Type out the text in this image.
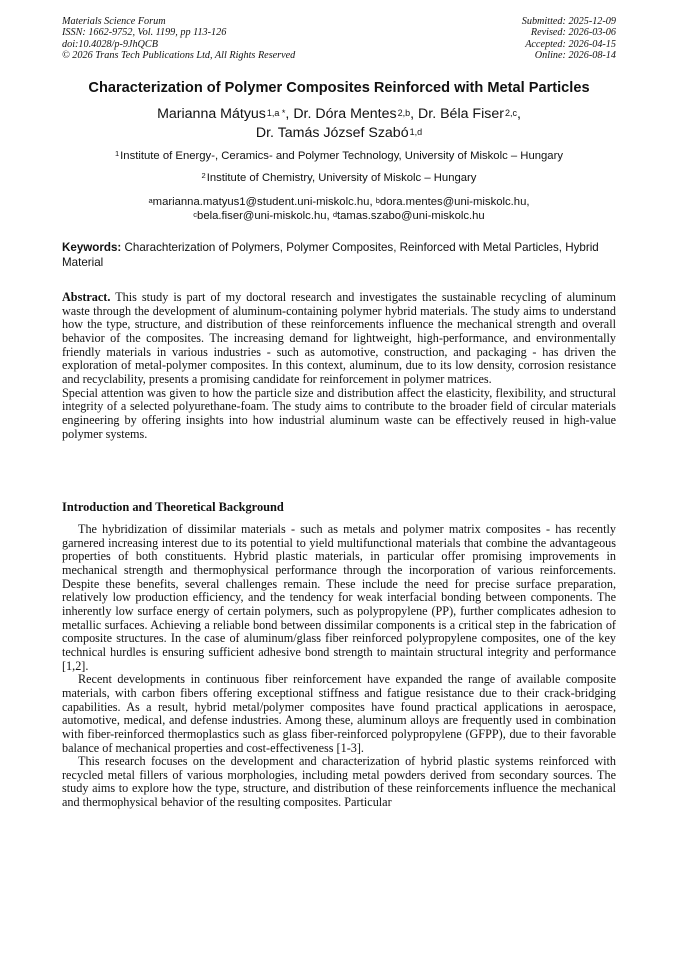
Materials Science Forum
ISSN: 1662-9752, Vol. 1199, pp 113-126
doi:10.4028/p-9JhQCB
© 2026 Trans Tech Publications Ltd, All Rights Reserved
Submitted: 2025-12-09
Revised: 2026-03-06
Accepted: 2026-04-15
Online: 2026-08-14
Characterization of Polymer Composites Reinforced with Metal Particles
Marianna Mátyus$^{1,a *}$, Dr. Dóra Mentes$^{2,b}$, Dr. Béla Fiser$^{2,c}$,
Dr. Tamás József Szabó$^{1,d}$
$^1$Institute of Energy-, Ceramics- and Polymer Technology, University of Miskolc – Hungary
$^2$Institute of Chemistry, University of Miskolc – Hungary
$^a$marianna.matyus1@student.uni-miskolc.hu, $^b$dora.mentes@uni-miskolc.hu,
$^c$bela.fiser@uni-miskolc.hu, $^d$tamas.szabo@uni-miskolc.hu
Keywords: Charachterization of Polymers, Polymer Composites, Reinforced with Metal Particles, Hybrid Material

Abstract. This study is part of my doctoral research and investigates the sustainable recycling of aluminum waste through the development of aluminum-containing polymer hybrid materials. The study aims to understand how the type, structure, and distribution of these reinforcements influence the mechanical strength and overall behavior of the composites. The increasing demand for lightweight, high-performance, and environmentally friendly materials in various industries - such as automotive, construction, and packaging - has driven the exploration of metal-polymer composites. In this context, aluminum, due to its low density, corrosion resistance and recyclability, presents a promising candidate for reinforcement in polymer matrices.

Special attention was given to how the particle size and distribution affect the elasticity, flexibility, and structural integrity of a selected polyurethane-foam. The study aims to contribute to the broader field of circular materials engineering by offering insights into how industrial aluminum waste can be effectively reused in high-value polymer systems.

Introduction and Theoretical Background

The hybridization of dissimilar materials - such as metals and polymer matrix composites - has recently garnered increasing interest due to its potential to yield multifunctional materials that combine the advantageous properties of both constituents. Hybrid plastic materials, in particular offer promising improvements in mechanical strength and thermophysical performance through the incorporation of various reinforcements. Despite these benefits, several challenges remain. These include the need for precise surface preparation, relatively low production efficiency, and the tendency for weak interfacial bonding between components. The inherently low surface energy of certain polymers, such as polypropylene (PP), further complicates adhesion to metallic surfaces. Achieving a reliable bond between dissimilar components is a critical step in the fabrication of composite structures. In the case of aluminum/glass fiber reinforced polypropylene composites, one of the key technical hurdles is ensuring sufficient adhesive bond strength to maintain structural integrity and performance [1,2].

Recent developments in continuous fiber reinforcement have expanded the range of available composite materials, with carbon fibers offering exceptional stiffness and fatigue resistance due to their crack-bridging capabilities. As a result, hybrid metal/polymer composites have found practical applications in aerospace, automotive, medical, and defense industries. Among these, aluminum alloys are frequently used in combination with fiber-reinforced thermoplastics such as glass fiber-reinforced polypropylene (GFPP), due to their favorable balance of mechanical properties and cost-effectiveness [1-3].

This research focuses on the development and characterization of hybrid plastic systems reinforced with recycled metal fillers of various morphologies, including metal powders derived from secondary sources. The study aims to explore how the type, structure, and distribution of these reinforcements influence the mechanical and thermophysical behavior of the resulting composites. Particular
